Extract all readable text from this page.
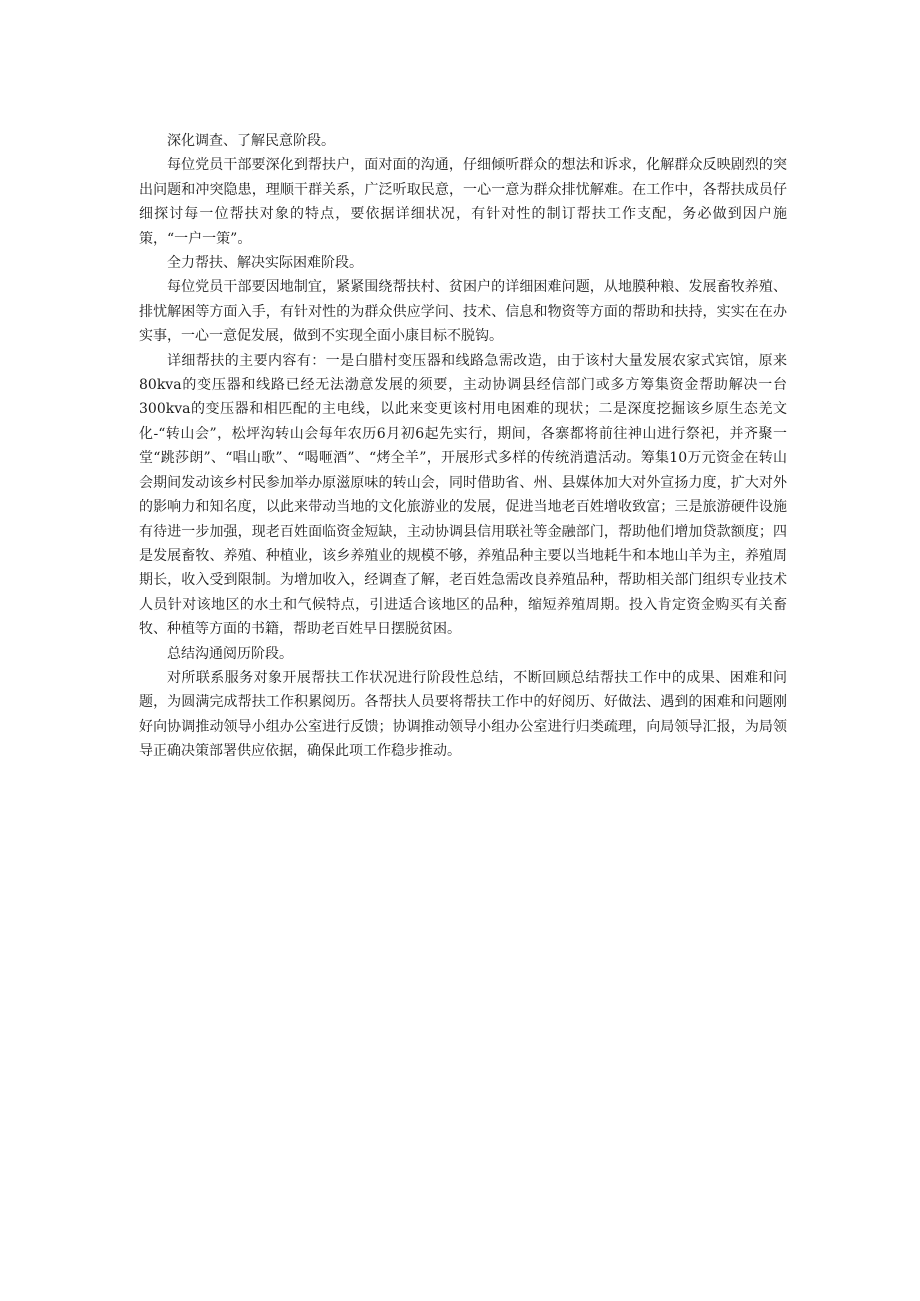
深化调查、了解民意阶段。

每位党员干部要深化到帮扶户，面对面的沟通，仔细倾听群众的想法和诉求，化解群众反映剧烈的突出问题和冲突隐患，理顺干群关系，广泛听取民意，一心一意为群众排忧解难。在工作中，各帮扶成员仔细探讨每一位帮扶对象的特点，要依据详细状况，有针对性的制订帮扶工作支配，务必做到因户施策，“一户一策”。

全力帮扶、解决实际困难阶段。

每位党员干部要因地制宜，紧紧围绕帮扶村、贫困户的详细困难问题，从地膜种粮、发展畜牧养殖、排忧解困等方面入手，有针对性的为群众供应学问、技术、信息和物资等方面的帮助和扶持，实实在在办实事，一心一意促发展，做到不实现全面小康目标不脱钩。

详细帮扶的主要内容有：一是白腊村变压器和线路急需改造，由于该村大量发展农家式宾馆，原来80kva的变压器和线路已经无法渤意发展的须要，主动协调县经信部门或多方筹集资金帮助解决一台300kva的变压器和相匹配的主电线，以此来变更该村用电困难的现状；二是深度挖掘该乡原生态羌文化-“转山会”，松坪沟转山会每年农历6月初6起先实行，期间，各寨都将前往神山进行祭祀，并齐聚一堂“跳莎朗”、“唱山歌”、“喝咂酒”、“烤全羊”，开展形式多样的传统消遣活动。筹集10万元资金在转山会期间发动该乡村民参加举办原滋原味的转山会，同时借助省、州、县媒体加大对外宣扬力度，扩大对外的影响力和知名度，以此来带动当地的文化旅游业的发展，促进当地老百姓增收致富；三是旅游硬件设施有待进一步加强，现老百姓面临资金短缺，主动协调县信用联社等金融部门，帮助他们增加贷款额度；四是发展畜牧、养殖、种植业，该乡养殖业的规模不够，养殖品种主要以当地耗牛和本地山羊为主，养殖周期长，收入受到限制。为增加收入，经调查了解，老百姓急需改良养殖品种，帮助相关部门组织专业技术人员针对该地区的水土和气候特点，引进适合该地区的品种，缩短养殖周期。投入肯定资金购买有关畜牧、种植等方面的书籍，帮助老百姓早日摆脱贫困。

总结沟通阅历阶段。

对所联系服务对象开展帮扶工作状况进行阶段性总结，不断回顾总结帮扶工作中的成果、困难和问题，为圆满完成帮扶工作积累阅历。各帮扶人员要将帮扶工作中的好阅历、好做法、遇到的困难和问题刚好向协调推动领导小组办公室进行反馈；协调推动领导小组办公室进行归类疏理，向局领导汇报，为局领导正确决策部署供应依据，确保此项工作稳步推动。
